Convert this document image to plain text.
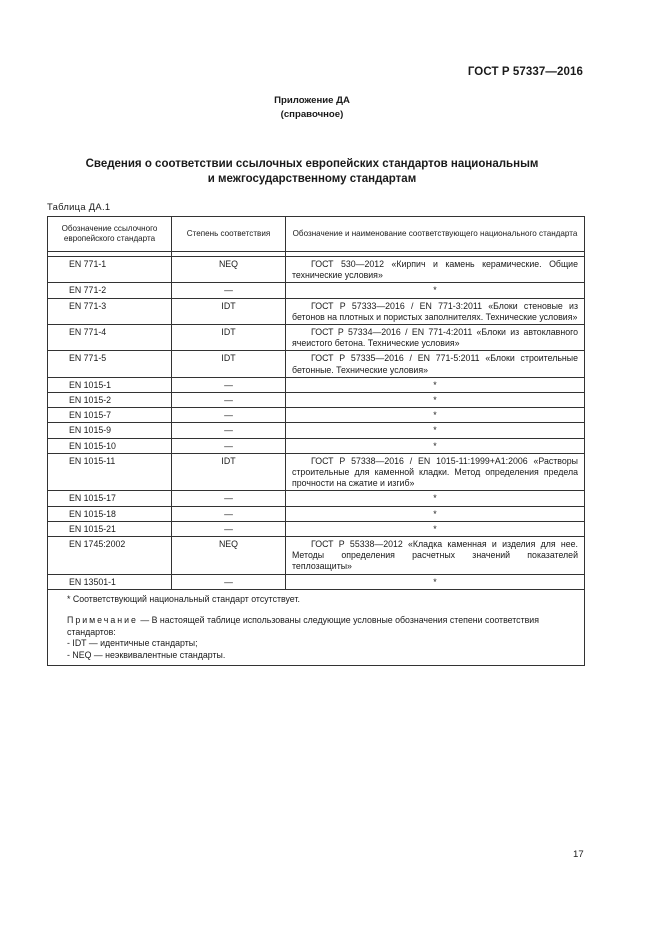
ГОСТ Р 57337—2016
Приложение ДА
(справочное)
Сведения о соответствии ссылочных европейских стандартов национальным
и межгосударственному стандартам
Таблица ДА.1
Обозначение ссылочного европейского стандарта	Степень соответствия	Обозначение и наименование соответствующего национального стандарта

EN 771-1	NEQ	ГОСТ 530—2012 «Кирпич и камень керамические. Общие технические условия»
EN 771-2	—	*
EN 771-3	IDT	ГОСТ Р 57333—2016 / EN 771-3:2011 «Блоки стеновые из бетонов на плотных и пористых заполнителях. Технические условия»
EN 771-4	IDT	ГОСТ Р 57334—2016 / EN 771-4:2011 «Блоки из автоклавного ячеистого бетона. Технические условия»
EN 771-5	IDT	ГОСТ Р 57335—2016 / EN 771-5:2011 «Блоки строительные бетонные. Технические условия»
EN 1015-1	—	*
EN 1015-2	—	*
EN 1015-7	—	*
EN 1015-9	—	*
EN 1015-10	—	*
EN 1015-11	IDT	ГОСТ Р 57338—2016 / EN 1015-11:1999+A1:2006 «Растворы строительные для каменной кладки. Метод определения предела прочности на сжатие и изгиб»
EN 1015-17	—	*
EN 1015-18	—	*
EN 1015-21	—	*
EN 1745:2002	NEQ	ГОСТ Р 55338—2012 «Кладка каменная и изделия для нее. Методы определения расчетных значений показателей теплозащиты»
EN 13501-1	—	*

* Соответствующий национальный стандарт отсутствует.

Примечание — В настоящей таблице использованы следующие условные обозначения степени соответствия стандартов:

- IDT — идентичные стандарты;

- NEQ — неэквивалентные стандарты.		

17
